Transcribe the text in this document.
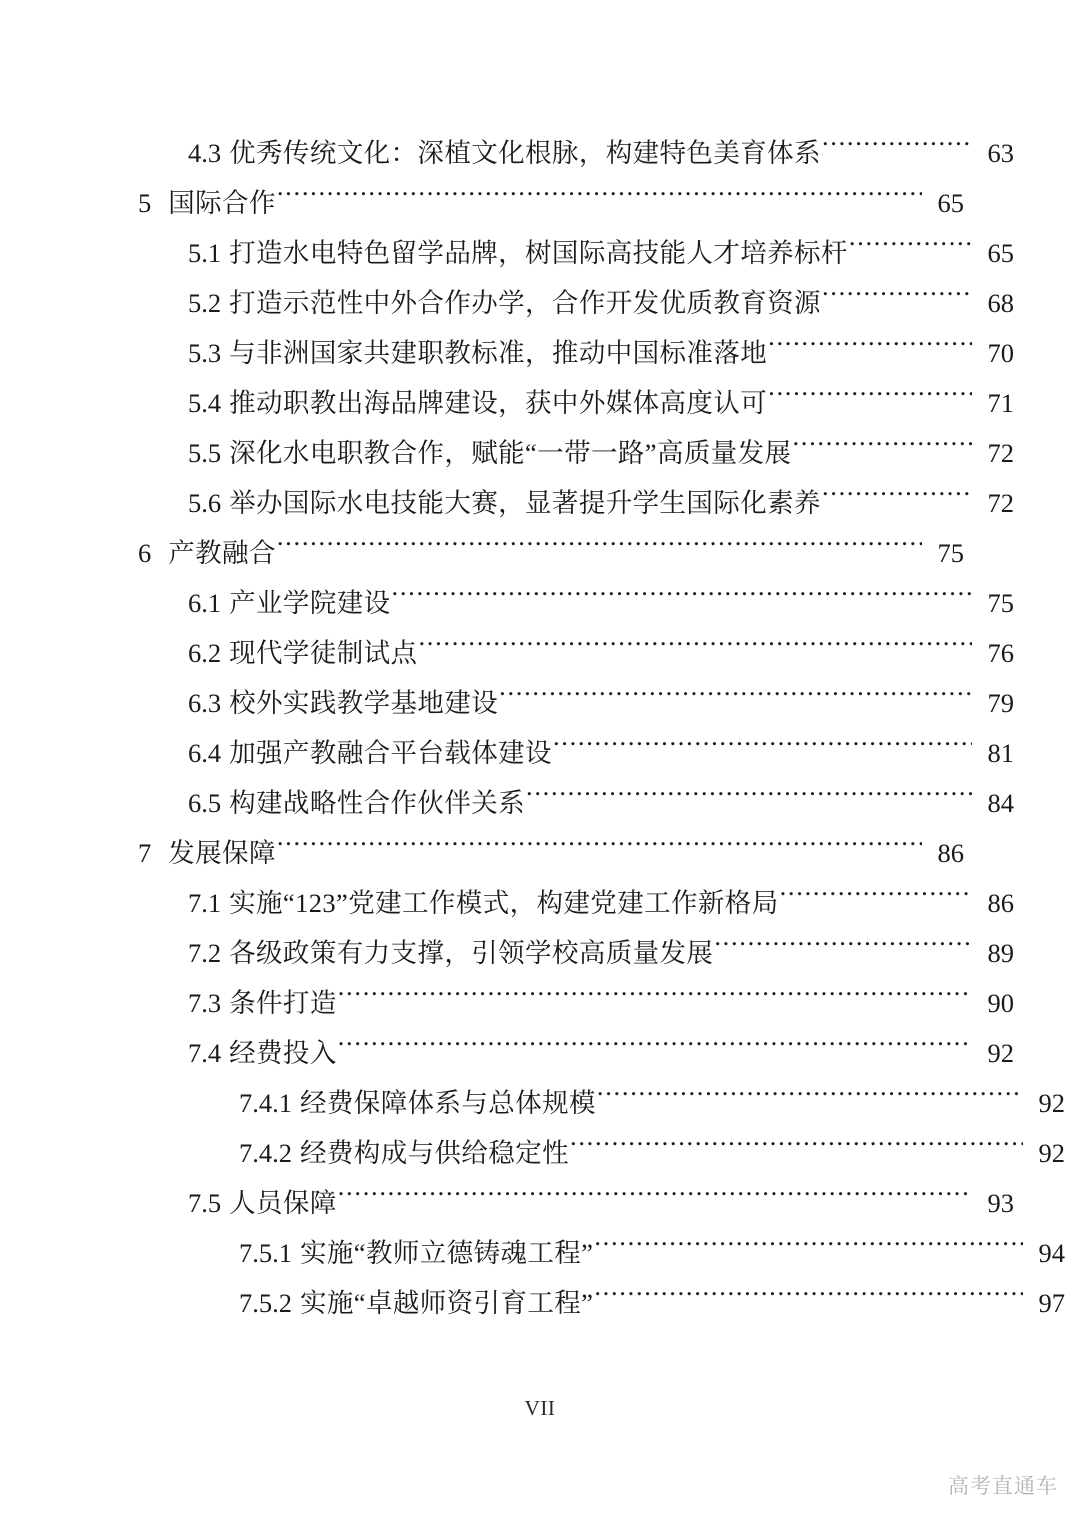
4.3 优秀传统文化：深植文化根脉，构建特色美育体系 .....	63
5 国际合作 .....	65
5.1 打造水电特色留学品牌，树国际高技能人才培养标杆 .....	65
5.2 打造示范性中外合作办学，合作开发优质教育资源 .....	68
5.3 与非洲国家共建职教标准，推动中国标准落地 .....	70
5.4 推动职教出海品牌建设，获中外媒体高度认可 .....	71
5.5 深化水电职教合作，赋能“一带一路”高质量发展 .....	72
5.6 举办国际水电技能大赛，显著提升学生国际化素养 .....	72
6 产教融合 .....	75
6.1 产业学院建设 .....	75
6.2 现代学徒制试点 .....	76
6.3 校外实践教学基地建设 .....	79
6.4 加强产教融合平台载体建设 .....	81
6.5 构建战略性合作伙伴关系 .....	84
7 发展保障 .....	86
7.1 实施“123”党建工作模式，构建党建工作新格局 .....	86
7.2 各级政策有力支撑，引领学校高质量发展 .....	89
7.3 条件打造 .....	90
7.4 经费投入 .....	92
7.4.1 经费保障体系与总体规模 .....	92
7.4.2 经费构成与供给稳定性 .....	92
7.5 人员保障 .....	93
7.5.1 实施“教师立德铸魂工程” .....	94
7.5.2 实施“卓越师资引育工程” .....	97
VII
高考直通车
